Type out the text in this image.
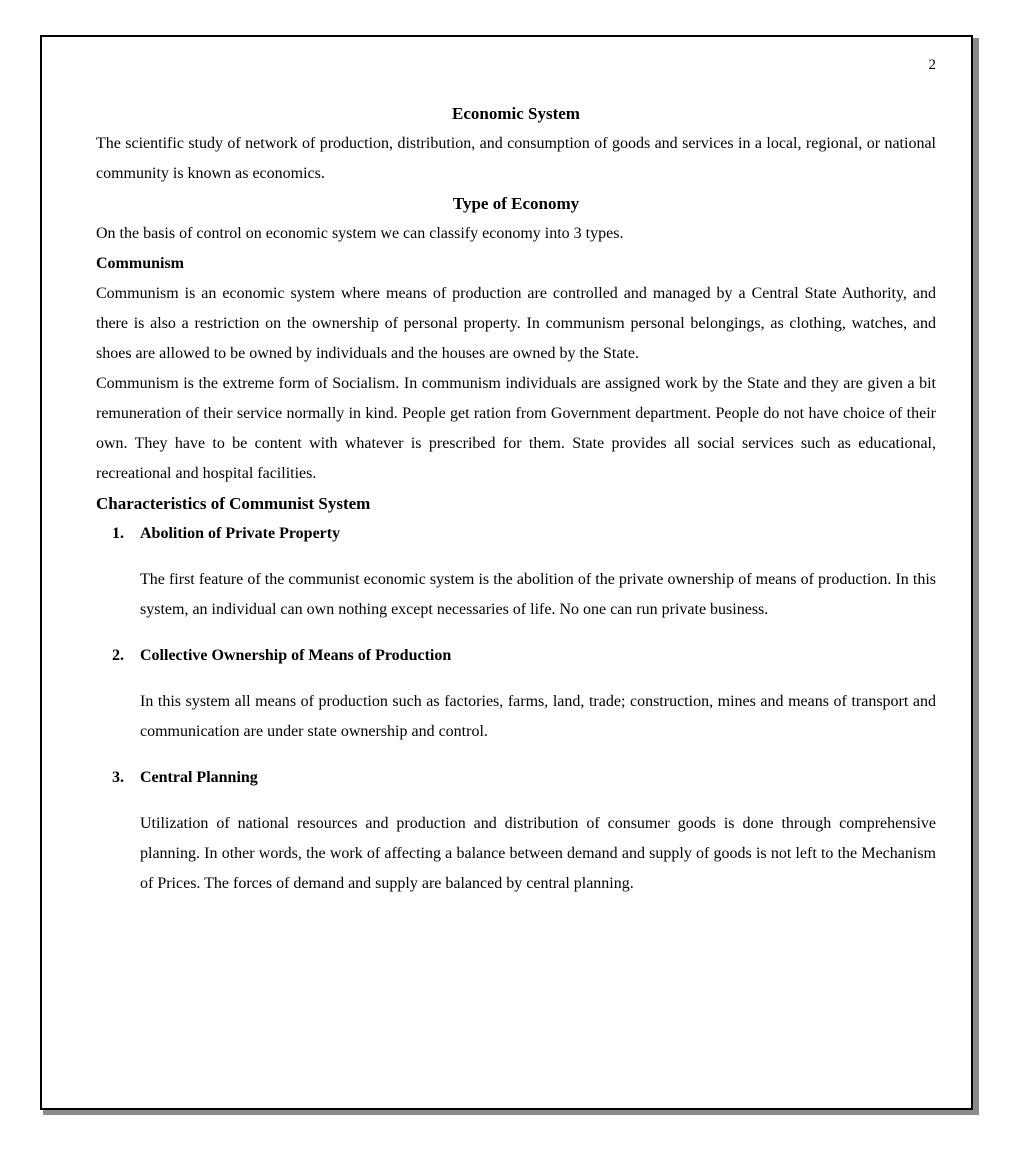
2
Economic System

The scientific study of network of production, distribution, and consumption of goods and services in a local, regional, or national community is known as economics.

Type of Economy

On the basis of control on economic system we can classify economy into 3 types.

Communism

Communism is an economic system where means of production are controlled and managed by a Central State Authority, and there is also a restriction on the ownership of personal property. In communism personal belongings, as clothing, watches, and shoes are allowed to be owned by individuals and the houses are owned by the State.

Communism is the extreme form of Socialism. In communism individuals are assigned work by the State and they are given a bit remuneration of their service normally in kind. People get ration from Government department. People do not have choice of their own. They have to be content with whatever is prescribed for them. State provides all social services such as educational, recreational and hospital facilities.

Characteristics of Communist System
1.	Abolition of Private Property

The first feature of the communist economic system is the abolition of the private ownership of means of production. In this system, an individual can own nothing except necessaries of life. No one can run private business.

2.	Collective Ownership of Means of Production

In this system all means of production such as factories, farms, land, trade; construction, mines and means of transport and communication are under state ownership and control.

3.	Central Planning

Utilization of national resources and production and distribution of consumer goods is done through comprehensive planning. In other words, the work of affecting a balance between demand and supply of goods is not left to the Mechanism of Prices. The forces of demand and supply are balanced by central planning.
